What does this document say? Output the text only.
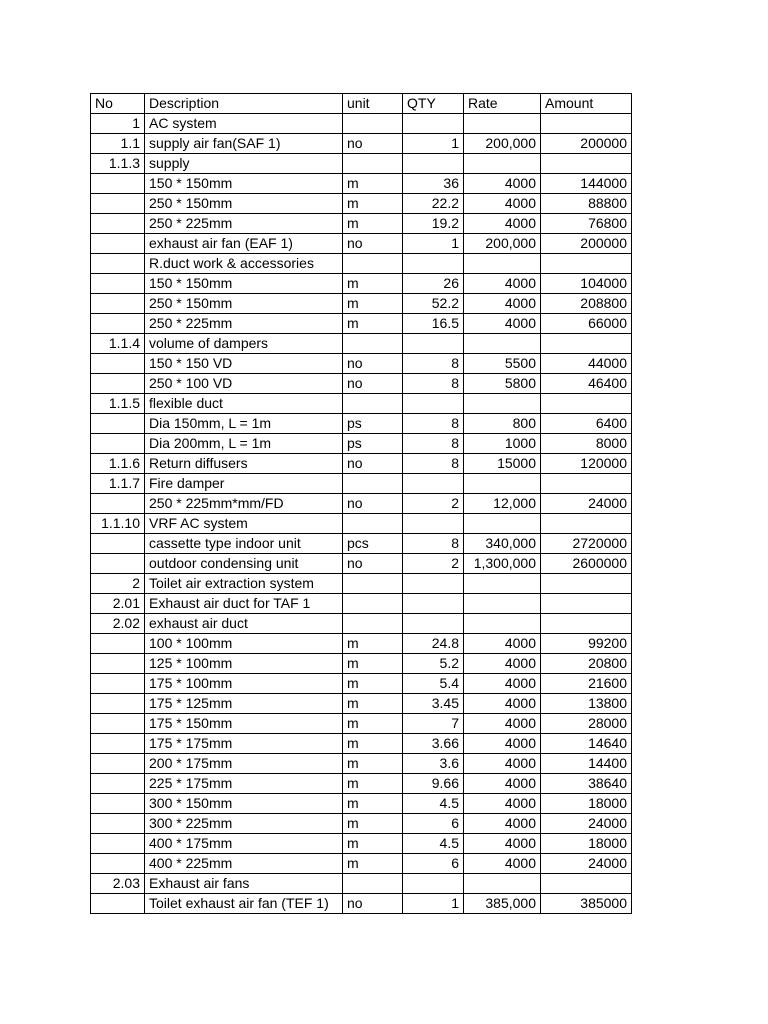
No	Description	unit	QTY	Rate	Amount
1	AC system				
1.1	supply air fan(SAF 1)	no	1	200,000	200000
1.1.3	supply				
	150 * 150mm	m	36	4000	144000
	250 * 150mm	m	22.2	4000	88800
	250 * 225mm	m	19.2	4000	76800
	exhaust air fan (EAF 1)	no	1	200,000	200000
	R.duct work & accessories				
	150 * 150mm	m	26	4000	104000
	250 * 150mm	m	52.2	4000	208800
	250 * 225mm	m	16.5	4000	66000
1.1.4	volume of dampers				
	150 * 150 VD	no	8	5500	44000
	250 * 100 VD	no	8	5800	46400
1.1.5	flexible duct				
	Dia 150mm, L = 1m	ps	8	800	6400
	Dia 200mm, L = 1m	ps	8	1000	8000
1.1.6	Return diffusers	no	8	15000	120000
1.1.7	Fire damper				
	250 * 225mm*mm/FD	no	2	12,000	24000
1.1.10	VRF AC system				
	cassette type indoor unit	pcs	8	340,000	2720000
	outdoor condensing unit	no	2	1,300,000	2600000
2	Toilet air extraction system				
2.01	Exhaust air duct for TAF 1				
2.02	exhaust air duct				
	100 * 100mm	m	24.8	4000	99200
	125 * 100mm	m	5.2	4000	20800
	175 * 100mm	m	5.4	4000	21600
	175 * 125mm	m	3.45	4000	13800
	175 * 150mm	m	7	4000	28000
	175 * 175mm	m	3.66	4000	14640
	200 * 175mm	m	3.6	4000	14400
	225 * 175mm	m	9.66	4000	38640
	300 * 150mm	m	4.5	4000	18000
	300 * 225mm	m	6	4000	24000
	400 * 175mm	m	4.5	4000	18000
	400 * 225mm	m	6	4000	24000
2.03	Exhaust air fans				
	Toilet exhaust air fan (TEF 1)	no	1	385,000	385000
